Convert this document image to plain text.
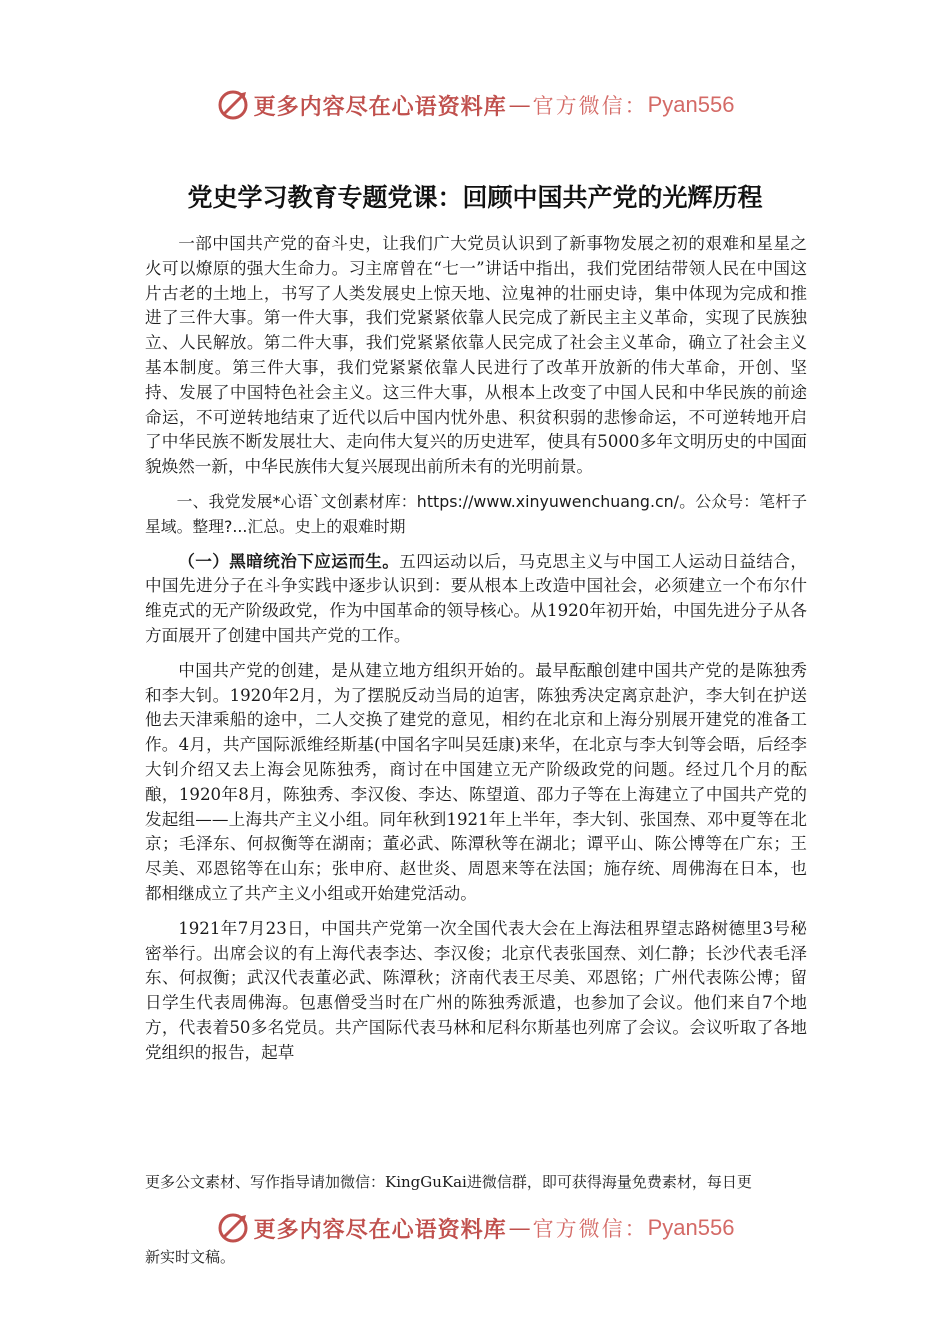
更多内容尽在心语资料库 — 官方微信： Pyan556
党史学习教育专题党课：回顾中国共产党的光辉历程

一部中国共产党的奋斗史，让我们广大党员认识到了新事物发展之初的艰难和星星之火可以燎原的强大生命力。习主席曾在“七一”讲话中指出，我们党团结带领人民在中国这片古老的土地上，书写了人类发展史上惊天地、泣鬼神的壮丽史诗，集中体现为完成和推进了三件大事。第一件大事，我们党紧紧依靠人民完成了新民主主义革命，实现了民族独立、人民解放。第二件大事，我们党紧紧依靠人民完成了社会主义革命，确立了社会主义基本制度。第三件大事，我们党紧紧依靠人民进行了改革开放新的伟大革命，开创、坚持、发展了中国特色社会主义。这三件大事，从根本上改变了中国人民和中华民族的前途命运，不可逆转地结束了近代以后中国内忧外患、积贫积弱的悲惨命运，不可逆转地开启了中华民族不断发展壮大、走向伟大复兴的历史进军，使具有5000多年文明历史的中国面貌焕然一新，中华民族伟大复兴展现出前所未有的光明前景。

一、我党发展*心语`文创素材库：https://www.xinyuwenchuang.cn/。公众号：笔杆子星域。整理?...汇总。史上的艰难时期

（一）黑暗统治下应运而生。五四运动以后，马克思主义与中国工人运动日益结合，中国先进分子在斗争实践中逐步认识到：要从根本上改造中国社会，必须建立一个布尔什维克式的无产阶级政党，作为中国革命的领导核心。从1920年初开始，中国先进分子从各方面展开了创建中国共产党的工作。

中国共产党的创建，是从建立地方组织开始的。最早酝酿创建中国共产党的是陈独秀和李大钊。1920年2月，为了摆脱反动当局的迫害，陈独秀决定离京赴沪，李大钊在护送他去天津乘船的途中，二人交换了建党的意见，相约在北京和上海分别展开建党的准备工作。4月，共产国际派维经斯基(中国名字叫吴廷康)来华，在北京与李大钊等会晤，后经李大钊介绍又去上海会见陈独秀，商讨在中国建立无产阶级政党的问题。经过几个月的酝酿，1920年8月，陈独秀、李汉俊、李达、陈望道、邵力子等在上海建立了中国共产党的发起组——上海共产主义小组。同年秋到1921年上半年，李大钊、张国焘、邓中夏等在北京；毛泽东、何叔衡等在湖南；董必武、陈潭秋等在湖北；谭平山、陈公博等在广东；王尽美、邓恩铭等在山东；张申府、赵世炎、周恩来等在法国；施存统、周佛海在日本，也都相继成立了共产主义小组或开始建党活动。

1921年7月23日，中国共产党第一次全国代表大会在上海法租界望志路树德里3号秘密举行。出席会议的有上海代表李达、李汉俊；北京代表张国焘、刘仁静；长沙代表毛泽东、何叔衡；武汉代表董必武、陈潭秋；济南代表王尽美、邓恩铭；广州代表陈公博；留日学生代表周佛海。包惠僧受当时在广州的陈独秀派遣，也参加了会议。他们来自7个地方，代表着50多名党员。共产国际代表马林和尼科尔斯基也列席了会议。会议听取了各地党组织的报告，起草

更多公文素材、写作指导请加微信：KingGuKai进微信群，即可获得海量免费素材，每日更
更多内容尽在心语资料库 — 官方微信： Pyan556
新实时文稿。
